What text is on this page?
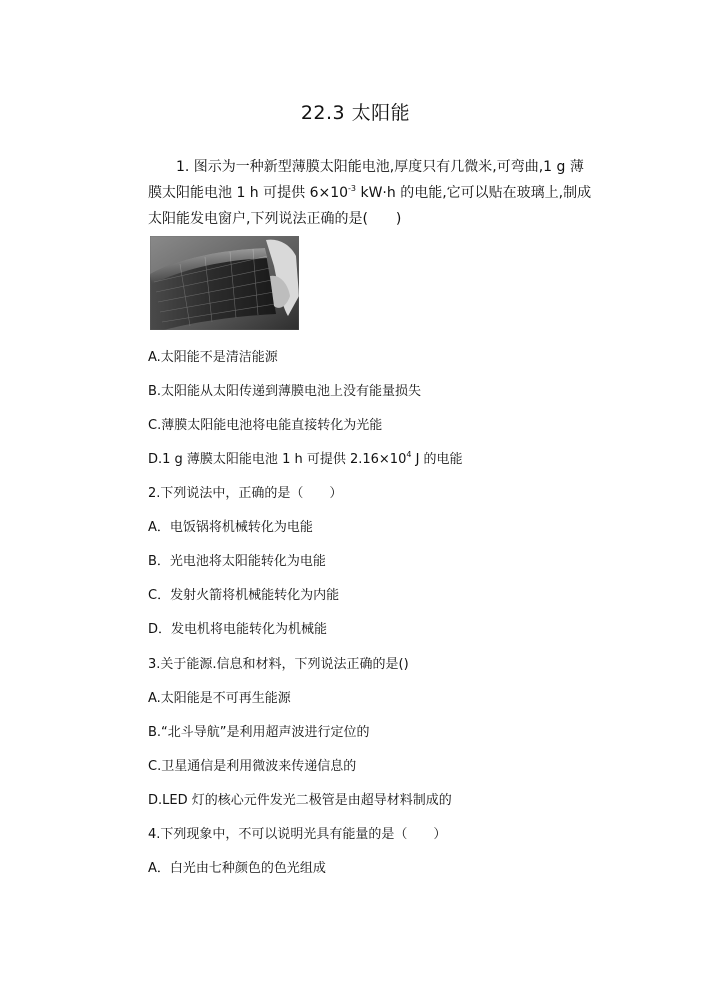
22.3 太阳能
1. 图示为一种新型薄膜太阳能电池,厚度只有几微米,可弯曲,1 g 薄膜太阳能电池 1 h 可提供 $6\times 10^{-3}$ kW·h 的电能,它可以贴在玻璃上,制成太阳能发电窗户,下列说法正确的是(　　)
A.太阳能不是清洁能源
B.太阳能从太阳传递到薄膜电池上没有能量损失
C.薄膜太阳能电池将电能直接转化为光能
D.1 g 薄膜太阳能电池 1 h 可提供 $2.16\times 10^4$ J 的电能
2.下列说法中，正确的是（　　）
A．电饭锅将机械转化为电能
B．光电池将太阳能转化为电能
C．发射火箭将机械能转化为内能
D．发电机将电能转化为机械能
3.关于能源.信息和材料，下列说法正确的是()
A.太阳能是不可再生能源
B.“北斗导航”是利用超声波进行定位的
C.卫星通信是利用微波来传递信息的
D.LED 灯的核心元件发光二极管是由超导材料制成的
4.下列现象中，不可以说明光具有能量的是（　　）
A．白光由七种颜色的色光组成
